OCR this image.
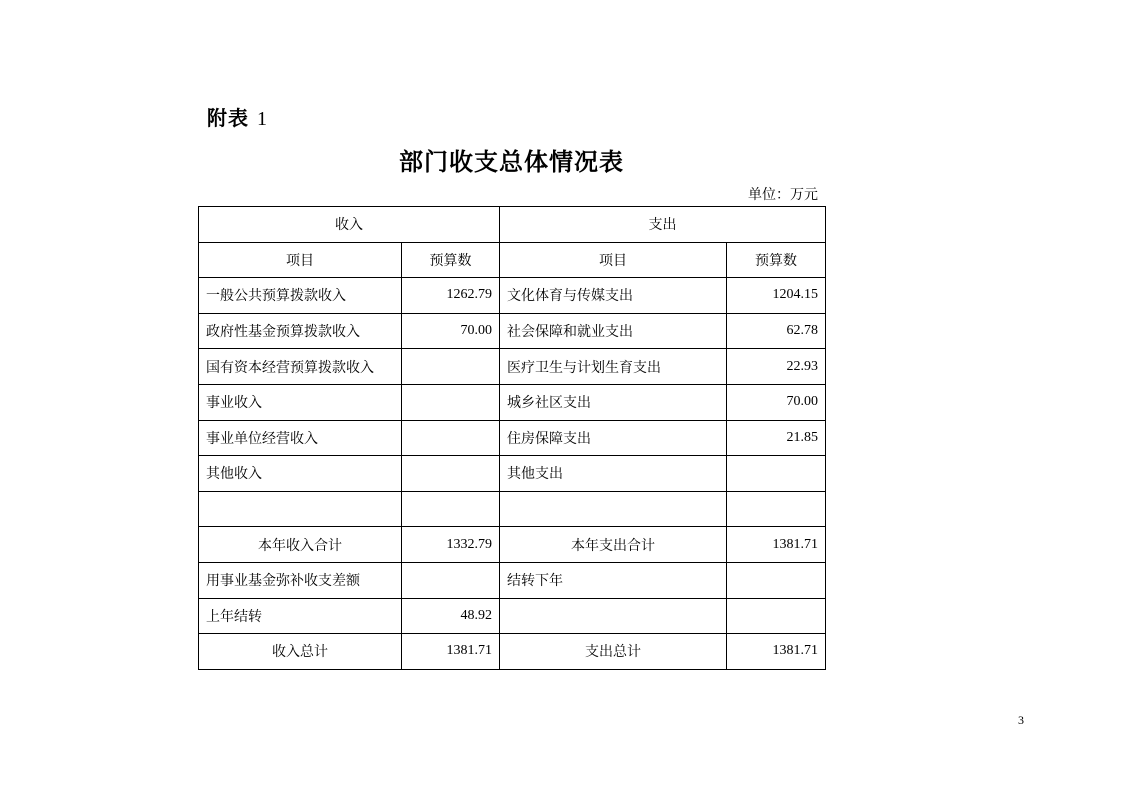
附表 1
部门收支总体情况表
单位：万元
收入		支出	
项目	预算数	项目	预算数
一般公共预算拨款收入	1262.79	文化体育与传媒支出	1204.15
政府性基金预算拨款收入	70.00	社会保障和就业支出	62.78
国有资本经营预算拨款收入		医疗卫生与计划生育支出	22.93
事业收入		城乡社区支出	70.00
事业单位经营收入		住房保障支出	21.85
其他收入		其他支出	

本年收入合计	1332.79	本年支出合计	1381.71
用事业基金弥补收支差额		结转下年	
上年结转	48.92		
收入总计	1381.71	支出总计	1381.71
3
